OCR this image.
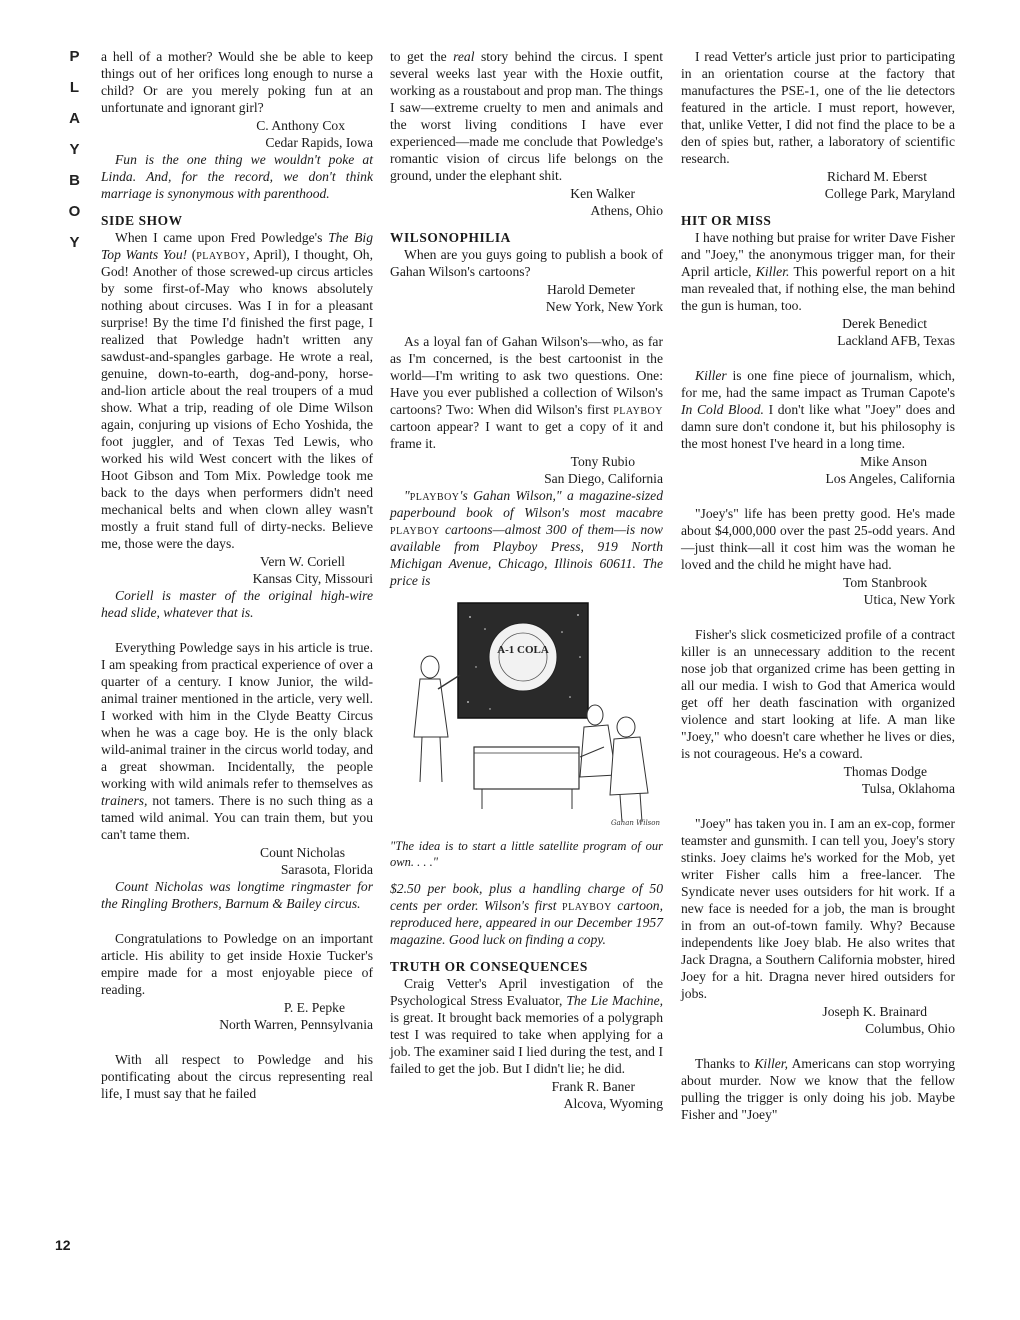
PLAYBOY
12

a hell of a mother? Would she be able to keep things out of her orifices long enough to nurse a child? Or are you merely poking fun at an unfortunate and ignorant girl?

C. Anthony Cox
Cedar Rapids, Iowa

Fun is the one thing we wouldn't poke at Linda. And, for the record, we don't think marriage is synonymous with parenthood.

SIDE SHOW

When I came upon Fred Powledge's The Big Top Wants You! (playboy, April), I thought, Oh, God! Another of those screwed-up circus articles by some first-of-May who knows absolutely nothing about circuses. Was I in for a pleasant surprise! By the time I'd finished the first page, I realized that Powledge hadn't written any sawdust-and-spangles garbage. He wrote a real, genuine, down-to-earth, dog-and-pony, horse-and-lion article about the real troupers of a mud show. What a trip, reading of ole Dime Wilson again, conjuring up visions of Echo Yoshida, the foot juggler, and of Texas Ted Lewis, who worked his wild West concert with the likes of Hoot Gibson and Tom Mix. Powledge took me back to the days when performers didn't need mechanical belts and when clown alley wasn't mostly a fruit stand full of dirty-necks. Believe me, those were the days.

Vern W. Coriell
Kansas City, Missouri

Coriell is master of the original high-wire head slide, whatever that is.

Everything Powledge says in his article is true. I am speaking from practical experience of over a quarter of a century. I know Junior, the wild-animal trainer mentioned in the article, very well. I worked with him in the Clyde Beatty Circus when he was a cage boy. He is the only black wild-animal trainer in the circus world today, and a great showman. Incidentally, the people working with wild animals refer to themselves as trainers, not tamers. There is no such thing as a tamed wild animal. You can train them, but you can't tame them.

Count Nicholas
Sarasota, Florida

Count Nicholas was longtime ringmaster for the Ringling Brothers, Barnum & Bailey circus.

Congratulations to Powledge on an important article. His ability to get inside Hoxie Tucker's empire made for a most enjoyable piece of reading.

P. E. Pepke
North Warren, Pennsylvania

With all respect to Powledge and his pontificating about the circus representing real life, I must say that he failed

to get the real story behind the circus. I spent several weeks last year with the Hoxie outfit, working as a roustabout and prop man. The things I saw—extreme cruelty to men and animals and the worst living conditions I have ever experienced—made me conclude that Powledge's romantic vision of circus life belongs on the ground, under the elephant shit.

Ken Walker
Athens, Ohio

WILSONOPHILIA

When are you guys going to publish a book of Gahan Wilson's cartoons?

Harold Demeter
New York, New York

As a loyal fan of Gahan Wilson's—who, as far as I'm concerned, is the best cartoonist in the world—I'm writing to ask two questions. One: Have you ever published a collection of Wilson's cartoons? Two: When did Wilson's first playboy cartoon appear? I want to get a copy of it and frame it.

Tony Rubio
San Diego, California

"playboy's Gahan Wilson," a magazine-sized paperbound book of Wilson's most macabre playboy cartoons—almost 300 of them—is now available from Playboy Press, 919 North Michigan Avenue, Chicago, Illinois 60611. The price is

A-1 COLA
Gahan Wilson

"The idea is to start a little satellite program of our own. . . ."

$2.50 per book, plus a handling charge of 50 cents per order. Wilson's first playboy cartoon, reproduced here, appeared in our December 1957 magazine. Good luck on finding a copy.

TRUTH OR CONSEQUENCES

Craig Vetter's April investigation of the Psychological Stress Evaluator, The Lie Machine, is great. It brought back memories of a polygraph test I was required to take when applying for a job. The examiner said I lied during the test, and I failed to get the job. But I didn't lie; he did.

Frank R. Baner
Alcova, Wyoming

I read Vetter's article just prior to participating in an orientation course at the factory that manufactures the PSE-1, one of the lie detectors featured in the article. I must report, however, that, unlike Vetter, I did not find the place to be a den of spies but, rather, a laboratory of scientific research.

Richard M. Eberst
College Park, Maryland

HIT OR MISS

I have nothing but praise for writer Dave Fisher and "Joey," the anonymous trigger man, for their April article, Killer. This powerful report on a hit man revealed that, if nothing else, the man behind the gun is human, too.

Derek Benedict
Lackland AFB, Texas

Killer is one fine piece of journalism, which, for me, had the same impact as Truman Capote's In Cold Blood. I don't like what "Joey" does and damn sure don't condone it, but his philosophy is the most honest I've heard in a long time.

Mike Anson
Los Angeles, California

"Joey's" life has been pretty good. He's made about $4,000,000 over the past 25-odd years. And—just think—all it cost him was the woman he loved and the child he might have had.

Tom Stanbrook
Utica, New York

Fisher's slick cosmeticized profile of a contract killer is an unnecessary addition to the recent nose job that organized crime has been getting in all our media. I wish to God that America would get off her death fascination with organized violence and start looking at life. A man like "Joey," who doesn't care whether he lives or dies, is not courageous. He's a coward.

Thomas Dodge
Tulsa, Oklahoma

"Joey" has taken you in. I am an ex-cop, former teamster and gunsmith. I can tell you, Joey's story stinks. Joey claims he's worked for the Mob, yet writer Fisher calls him a free-lancer. The Syndicate never uses outsiders for hit work. If a new face is needed for a job, the man is brought in from an out-of-town family. Why? Because independents like Joey blab. He also writes that Jack Dragna, a Southern California mobster, hired Joey for a hit. Dragna never hired outsiders for jobs.

Joseph K. Brainard
Columbus, Ohio

Thanks to Killer, Americans can stop worrying about murder. Now we know that the fellow pulling the trigger is only doing his job. Maybe Fisher and "Joey"
